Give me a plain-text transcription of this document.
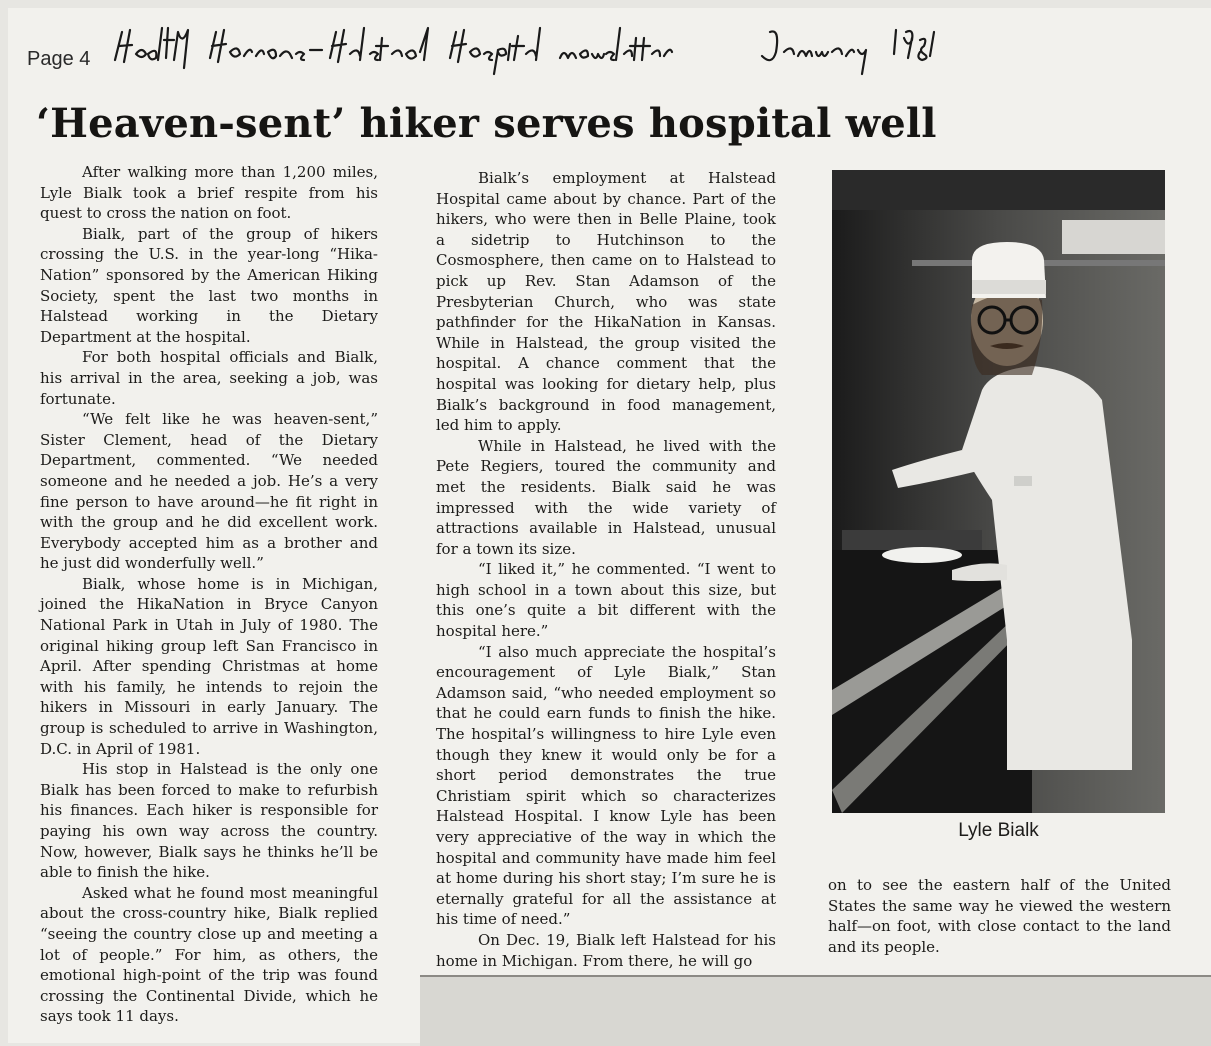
Page 4
‘Heaven-sent’ hiker serves hospital well

After walking more than 1,200 miles, Lyle Bialk took a brief respite from his quest to cross the nation on foot.

Bialk, part of the group of hikers crossing the U.S. in the year-long “Hika-Nation” sponsored by the American Hiking Society, spent the last two months in Halstead working in the Dietary Department at the hospital.

For both hospital officials and Bialk, his arrival in the area, seeking a job, was fortunate.

“We felt like he was heaven-sent,” Sister Clement, head of the Dietary Department, commented. “We needed someone and he needed a job. He’s a very fine person to have around—he fit right in with the group and he did excellent work. Everybody accepted him as a brother and he just did wonderfully well.”

Bialk, whose home is in Michigan, joined the HikaNation in Bryce Canyon National Park in Utah in July of 1980. The original hiking group left San Francisco in April. After spending Christmas at home with his family, he intends to rejoin the hikers in Missouri in early January. The group is scheduled to arrive in Washington, D.C. in April of 1981.

His stop in Halstead is the only one Bialk has been forced to make to refurbish his finances. Each hiker is responsible for paying his own way across the country. Now, however, Bialk says he thinks he’ll be able to finish the hike.

Asked what he found most meaningful about the cross-country hike, Bialk replied “seeing the country close up and meeting a lot of people.” For him, as others, the emotional high-point of the trip was found crossing the Continental Divide, which he says took 11 days.

Bialk’s employment at Halstead Hospital came about by chance. Part of the hikers, who were then in Belle Plaine, took a sidetrip to Hutchinson to the Cosmosphere, then came on to Halstead to pick up Rev. Stan Adamson of the Presbyterian Church, who was state pathfinder for the HikaNation in Kansas. While in Halstead, the group visited the hospital. A chance comment that the hospital was looking for dietary help, plus Bialk’s background in food management, led him to apply.

While in Halstead, he lived with the Pete Regiers, toured the community and met the residents. Bialk said he was impressed with the wide variety of attractions available in Halstead, unusual for a town its size.

“I liked it,” he commented. “I went to high school in a town about this size, but this one’s quite a bit different with the hospital here.”

“I also much appreciate the hospital’s encouragement of Lyle Bialk,” Stan Adamson said, “who needed employment so that he could earn funds to finish the hike. The hospital’s willingness to hire Lyle even though they knew it would only be for a short period demonstrates the true Christiam spirit which so characterizes Halstead Hospital. I know Lyle has been very appreciative of the way in which the hospital and community have made him feel at home during his short stay; I’m sure he is eternally grateful for all the assistance at his time of need.”

On Dec. 19, Bialk left Halstead for his home in Michigan. From there, he will go

Lyle Bialk

on to see the eastern half of the United States the same way he viewed the western half—on foot, with close contact to the land and its people.
